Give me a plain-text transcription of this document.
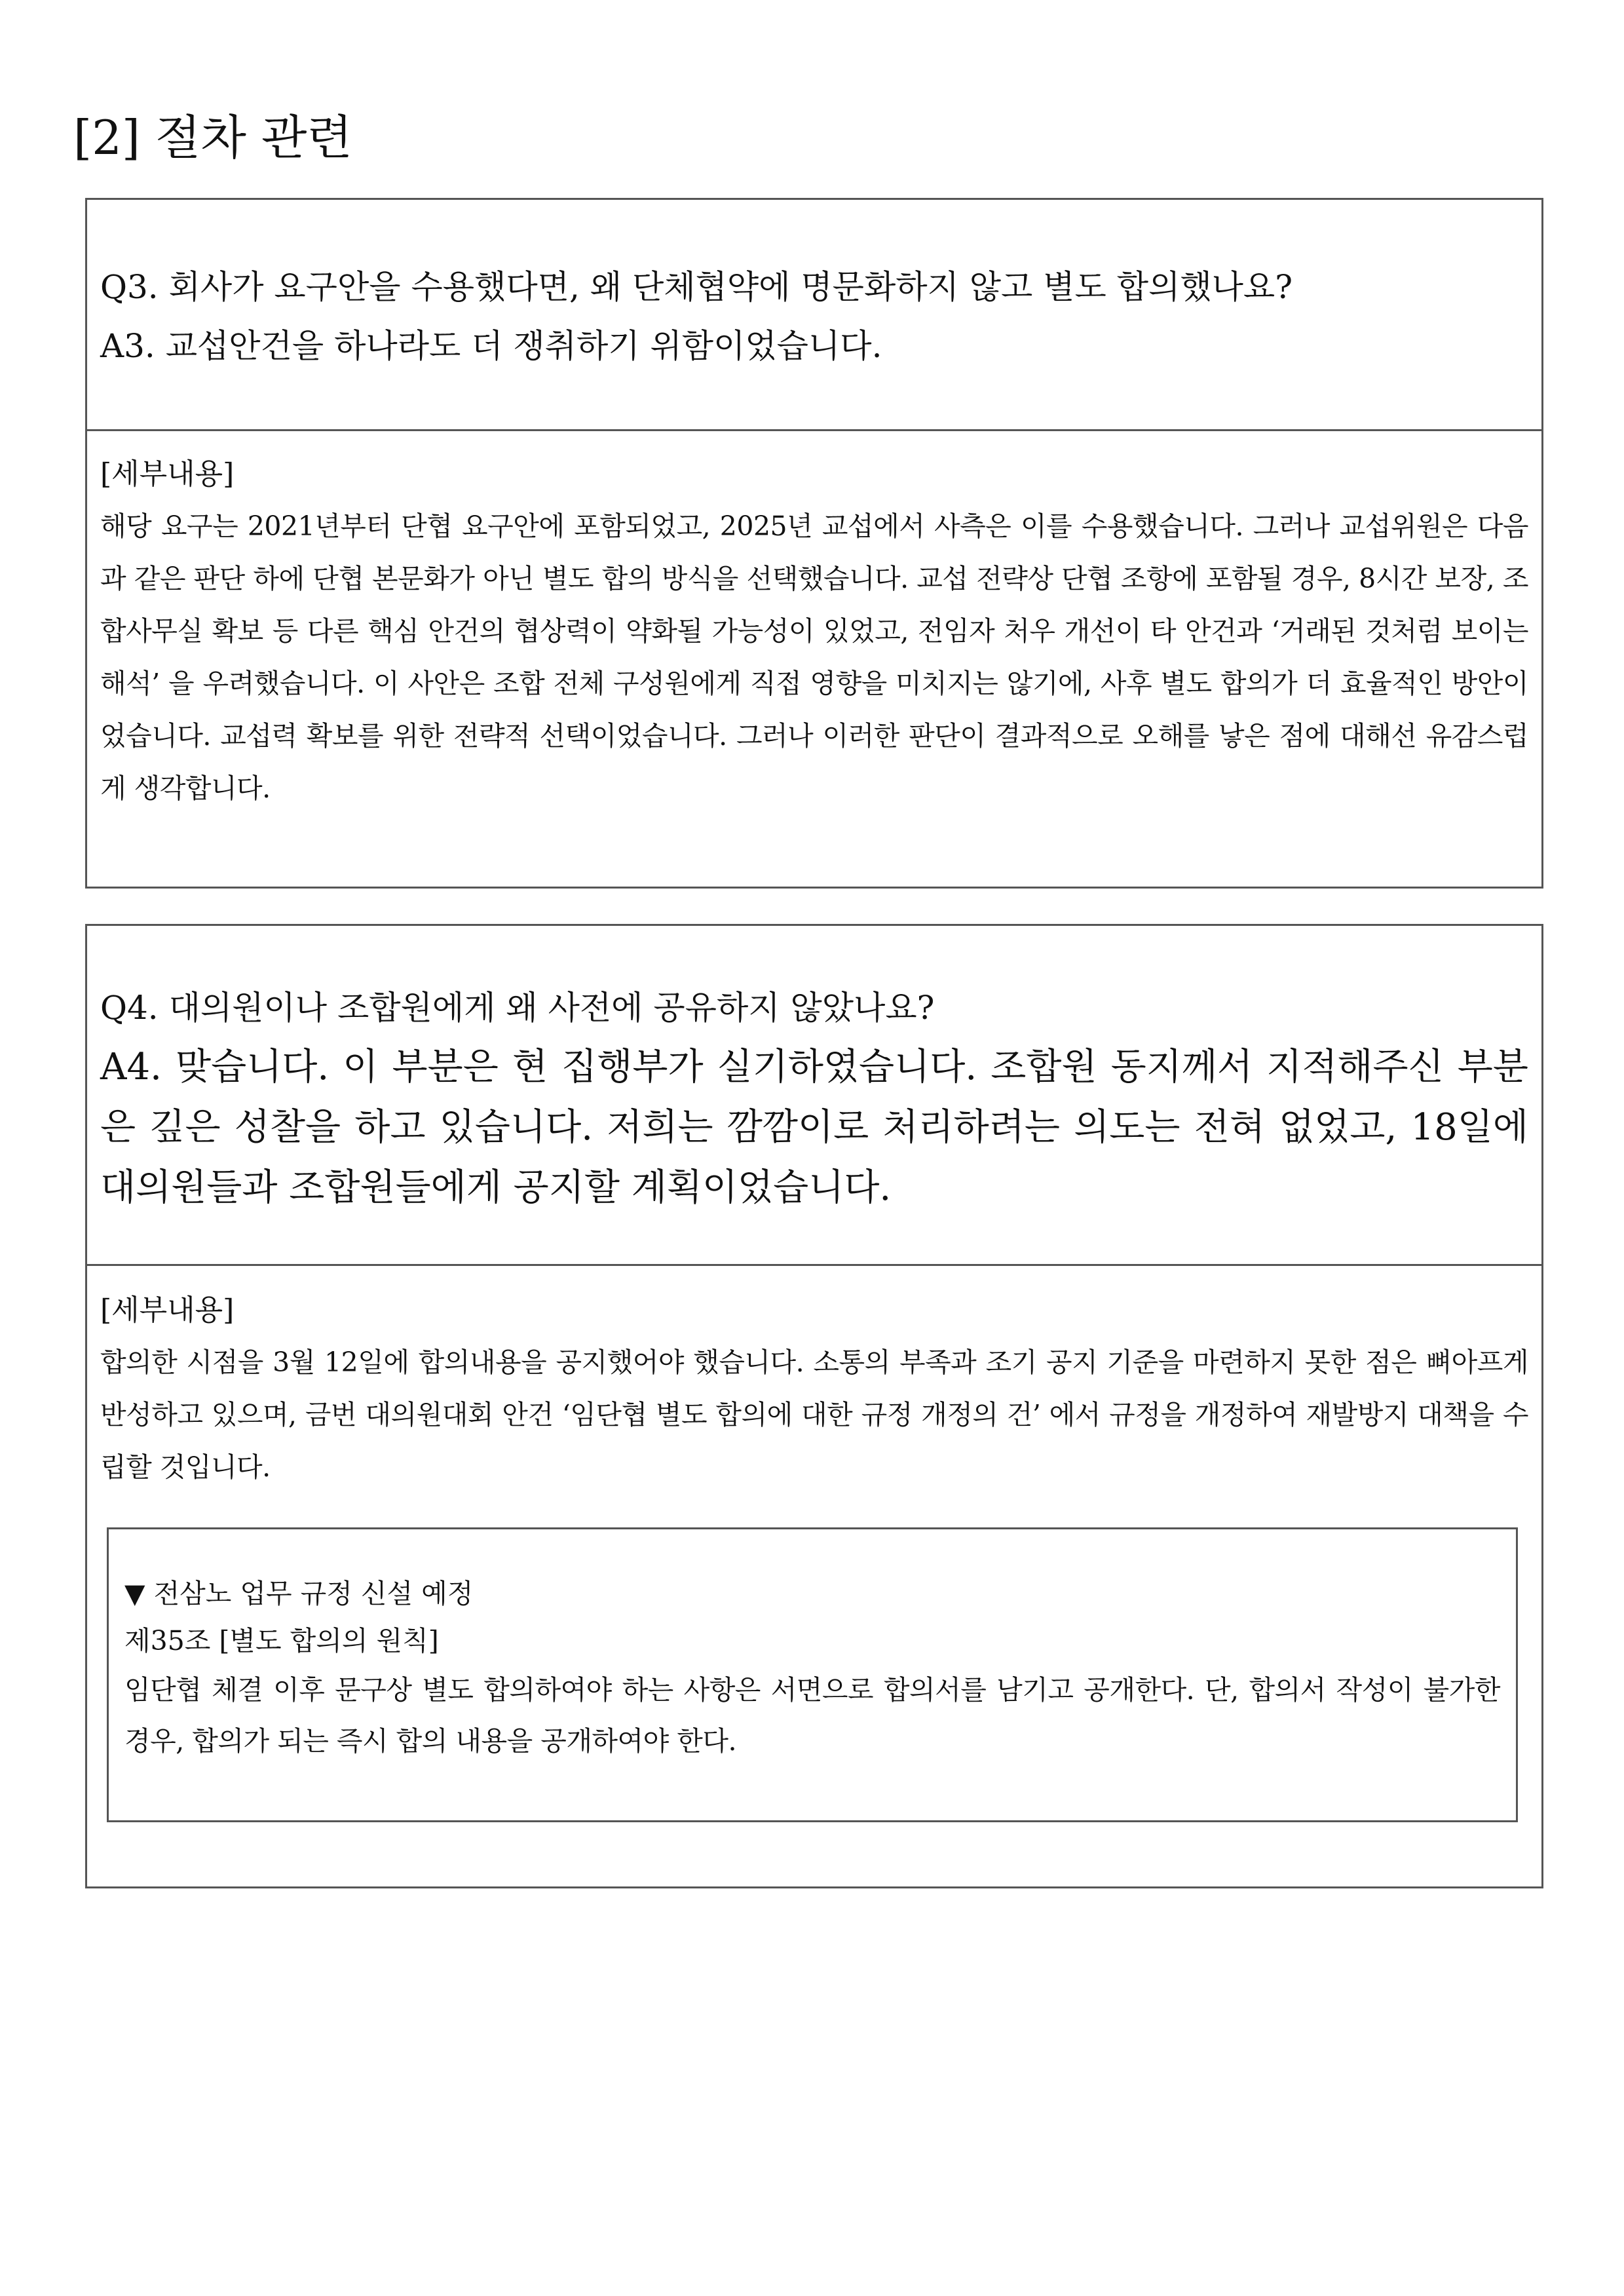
[2] 절차 관련
Q3. 회사가 요구안을 수용했다면, 왜 단체협약에 명문화하지 않고 별도 합의했나요?
A3. 교섭안건을 하나라도 더 쟁취하기 위함이었습니다.
[세부내용]
해당 요구는 2021년부터 단협 요구안에 포함되었고, 2025년 교섭에서 사측은 이를 수용했습니다. 그러나 교섭위원은 다음과 같은 판단 하에 단협 본문화가 아닌 별도 합의 방식을 선택했습니다. 교섭 전략상 단협 조항에 포함될 경우, 8시간 보장, 조합사무실 확보 등 다른 핵심 안건의 협상력이 약화될 가능성이 있었고, 전임자 처우 개선이 타 안건과 ‘거래된 것처럼 보이는 해석’ 을 우려했습니다. 이 사안은 조합 전체 구성원에게 직접 영향을 미치지는 않기에, 사후 별도 합의가 더 효율적인 방안이었습니다. 교섭력 확보를 위한 전략적 선택이었습니다. 그러나 이러한 판단이 결과적으로 오해를 낳은 점에 대해선 유감스럽게 생각합니다.
Q4. 대의원이나 조합원에게 왜 사전에 공유하지 않았나요?
A4. 맞습니다. 이 부분은 현 집행부가 실기하였습니다. 조합원 동지께서 지적해주신 부분은 깊은 성찰을 하고 있습니다. 저희는 깜깜이로 처리하려는 의도는 전혀 없었고, 18일에 대의원들과 조합원들에게 공지할 계획이었습니다.
[세부내용]
합의한 시점을 3월 12일에 합의내용을 공지했어야 했습니다. 소통의 부족과 조기 공지 기준을 마련하지 못한 점은 뼈아프게 반성하고 있으며, 금번 대의원대회 안건 ‘임단협 별도 합의에 대한 규정 개정의 건’ 에서 규정을 개정하여 재발방지 대책을 수립할 것입니다.
▼ 전삼노 업무 규정 신설 예정
제35조 [별도 합의의 원칙]
임단협 체결 이후 문구상 별도 합의하여야 하는 사항은 서면으로 합의서를 남기고 공개한다. 단, 합의서 작성이 불가한 경우, 합의가 되는 즉시 합의 내용을 공개하여야 한다.
